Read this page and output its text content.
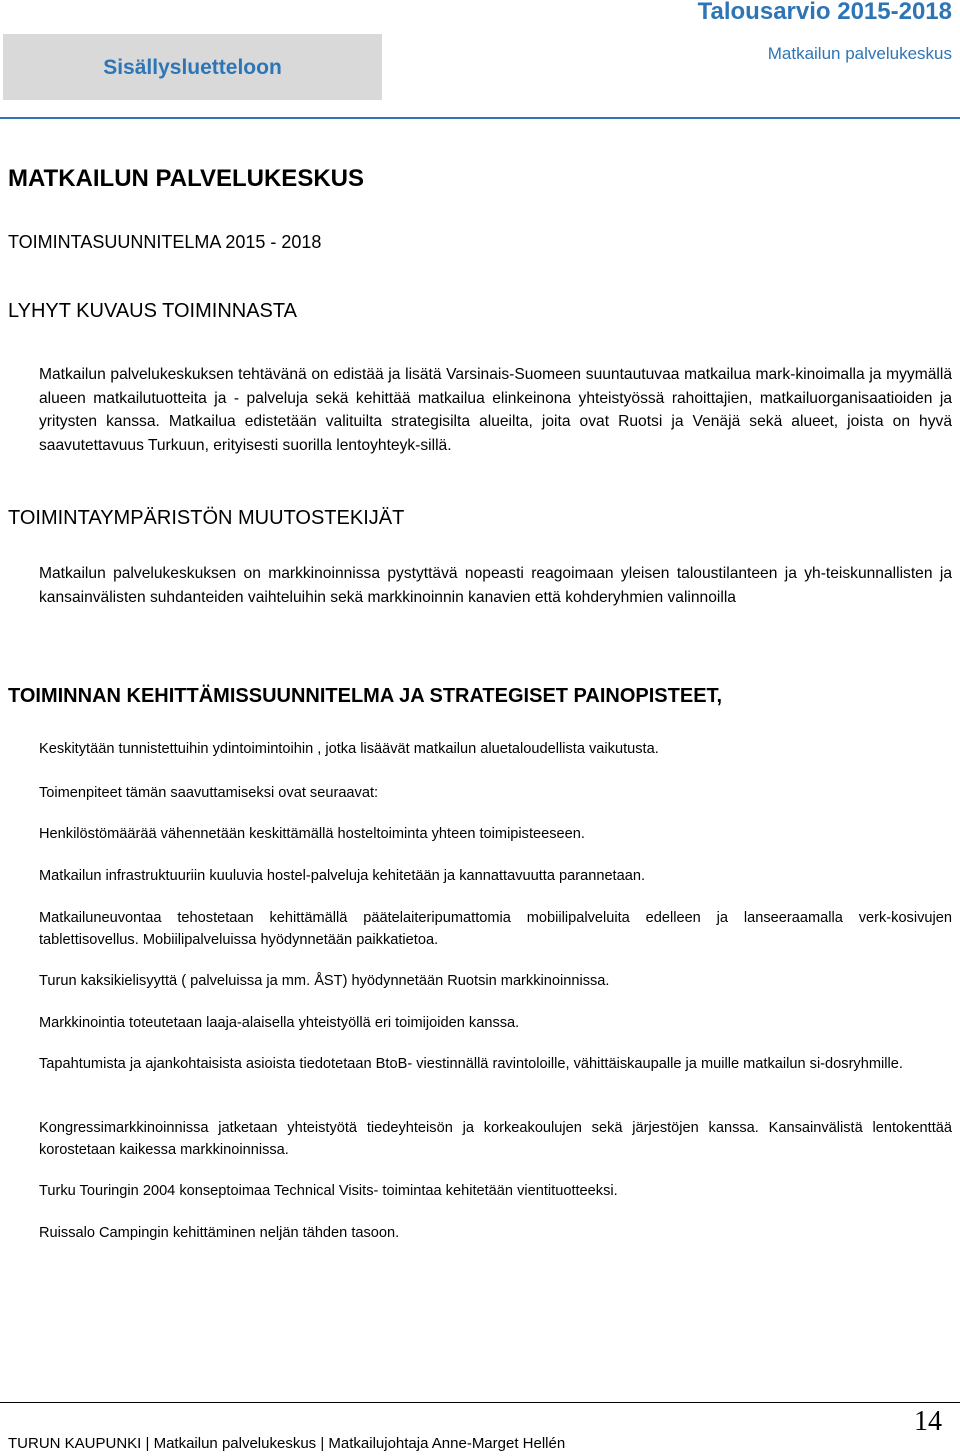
Sisällysluetteloon
Talousarvio 2015-2018
Matkailun palvelukeskus
MATKAILUN PALVELUKESKUS
TOIMINTASUUNNITELMA 2015 - 2018
LYHYT KUVAUS TOIMINNASTA

Matkailun palvelukeskuksen tehtävänä on edistää ja lisätä Varsinais-Suomeen suuntautuvaa matkailua mark-kinoimalla ja myymällä alueen matkailutuotteita ja - palveluja sekä kehittää matkailua elinkeinona yhteistyössä rahoittajien, matkailuorganisaatioiden ja yritysten kanssa. Matkailua edistetään valituilta strategisilta alueilta, joita ovat Ruotsi ja Venäjä sekä alueet, joista on hyvä saavutettavuus Turkuun, erityisesti suorilla lentoyhteyk-sillä.

TOIMINTAYMPÄRISTÖN MUUTOSTEKIJÄT

Matkailun palvelukeskuksen on markkinoinnissa pystyttävä nopeasti reagoimaan yleisen taloustilanteen ja yh-teiskunnallisten ja kansainvälisten suhdanteiden vaihteluihin sekä markkinoinnin kanavien että kohderyhmien valinnoilla

TOIMINNAN KEHITTÄMISSUUNNITELMA JA STRATEGISET PAINOPISTEET,

Keskitytään tunnistettuihin ydintoimintoihin , jotka lisäävät matkailun aluetaloudellista vaikutusta.

Toimenpiteet tämän saavuttamiseksi ovat seuraavat:

Henkilöstömäärää vähennetään keskittämällä hosteltoiminta yhteen toimipisteeseen.

Matkailun infrastruktuuriin kuuluvia hostel-palveluja kehitetään ja kannattavuutta parannetaan.

Matkailuneuvontaa tehostetaan kehittämällä päätelaiteripumattomia mobiilipalveluita edelleen ja lanseeraamalla verk-kosivujen tablettisovellus. Mobiilipalveluissa hyödynnetään paikkatietoa.

Turun kaksikielisyyttä ( palveluissa ja mm. ÅST) hyödynnetään Ruotsin markkinoinnissa.

Markkinointia toteutetaan laaja-alaisella yhteistyöllä eri toimijoiden kanssa.

Tapahtumista ja ajankohtaisista asioista tiedotetaan BtoB- viestinnällä ravintoloille, vähittäiskaupalle ja muille matkailun si-dosryhmille.

Kongressimarkkinoinnissa jatketaan yhteistyötä tiedeyhteisön ja korkeakoulujen sekä järjestöjen kanssa. Kansainvälistä lentokenttää korostetaan kaikessa markkinoinnissa.

Turku Touringin 2004 konseptoimaa Technical Visits- toimintaa kehitetään vientituotteeksi.

Ruissalo Campingin kehittäminen neljän tähden tasoon.

14
TURUN KAUPUNKI | Matkailun palvelukeskus | Matkailujohtaja Anne-Marget Hellén
